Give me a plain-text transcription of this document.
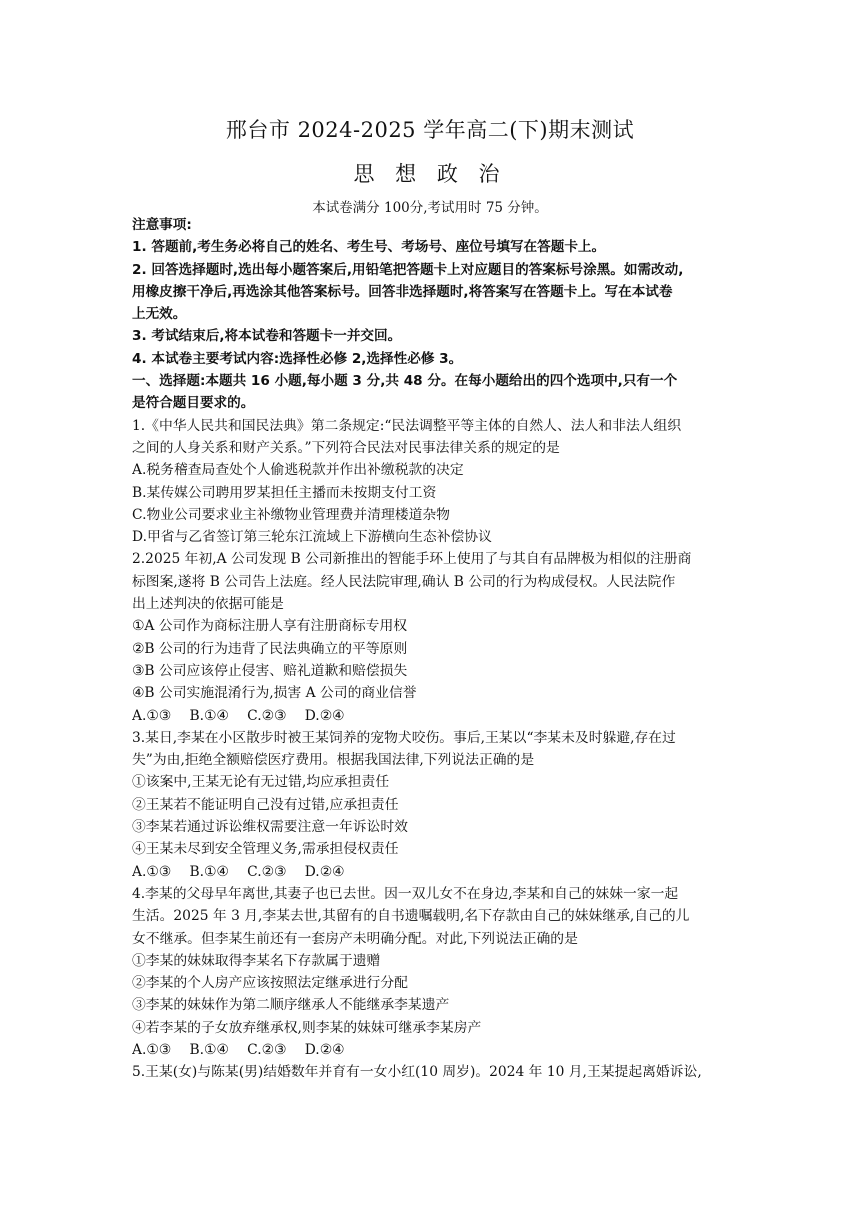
邢台市 2024-2025 学年高二(下)期末测试
思 想 政 治
本试卷满分 100分,考试用时 75 分钟。
注意事项:
1. 答题前,考生务必将自己的姓名、考生号、考场号、座位号填写在答题卡上。
2. 回答选择题时,选出每小题答案后,用铅笔把答题卡上对应题目的答案标号涂黑。如需改动,
用橡皮擦干净后,再选涂其他答案标号。回答非选择题时,将答案写在答题卡上。写在本试卷
上无效。
3. 考试结束后,将本试卷和答题卡一并交回。
4. 本试卷主要考试内容:选择性必修 2,选择性必修 3。
一、选择题:本题共 16 小题,每小题 3 分,共 48 分。在每小题给出的四个选项中,只有一个
是符合题目要求的。
1.《中华人民共和国民法典》第二条规定:“民法调整平等主体的自然人、法人和非法人组织
之间的人身关系和财产关系。”下列符合民法对民事法律关系的规定的是
A.税务稽查局查处个人偷逃税款并作出补缴税款的决定
B.某传媒公司聘用罗某担任主播而未按期支付工资
C.物业公司要求业主补缴物业管理费并清理楼道杂物
D.甲省与乙省签订第三轮东江流域上下游横向生态补偿协议
2.2025 年初,A 公司发现 B 公司新推出的智能手环上使用了与其自有品牌极为相似的注册商
标图案,遂将 B 公司告上法庭。经人民法院审理,确认 B 公司的行为构成侵权。人民法院作
出上述判决的依据可能是
①A 公司作为商标注册人享有注册商标专用权
②B 公司的行为违背了民法典确立的平等原则
③B 公司应该停止侵害、赔礼道歉和赔偿损失
④B 公司实施混淆行为,损害 A 公司的商业信誉
A.①③ B.①④ C.②③ D.②④
3.某日,李某在小区散步时被王某饲养的宠物犬咬伤。事后,王某以“李某未及时躲避,存在过
失”为由,拒绝全额赔偿医疗费用。根据我国法律,下列说法正确的是
①该案中,王某无论有无过错,均应承担责任
②王某若不能证明自己没有过错,应承担责任
③李某若通过诉讼维权需要注意一年诉讼时效
④王某未尽到安全管理义务,需承担侵权责任
A.①③ B.①④ C.②③ D.②④
4.李某的父母早年离世,其妻子也已去世。因一双儿女不在身边,李某和自己的妹妹一家一起
生活。2025 年 3 月,李某去世,其留有的自书遗嘱载明,名下存款由自己的妹妹继承,自己的儿
女不继承。但李某生前还有一套房产未明确分配。对此,下列说法正确的是
①李某的妹妹取得李某名下存款属于遗赠
②李某的个人房产应该按照法定继承进行分配
③李某的妹妹作为第二顺序继承人不能继承李某遗产
④若李某的子女放弃继承权,则李某的妹妹可继承李某房产
A.①③ B.①④ C.②③ D.②④
5.王某(女)与陈某(男)结婚数年并育有一女小红(10 周岁)。2024 年 10 月,王某提起离婚诉讼,
